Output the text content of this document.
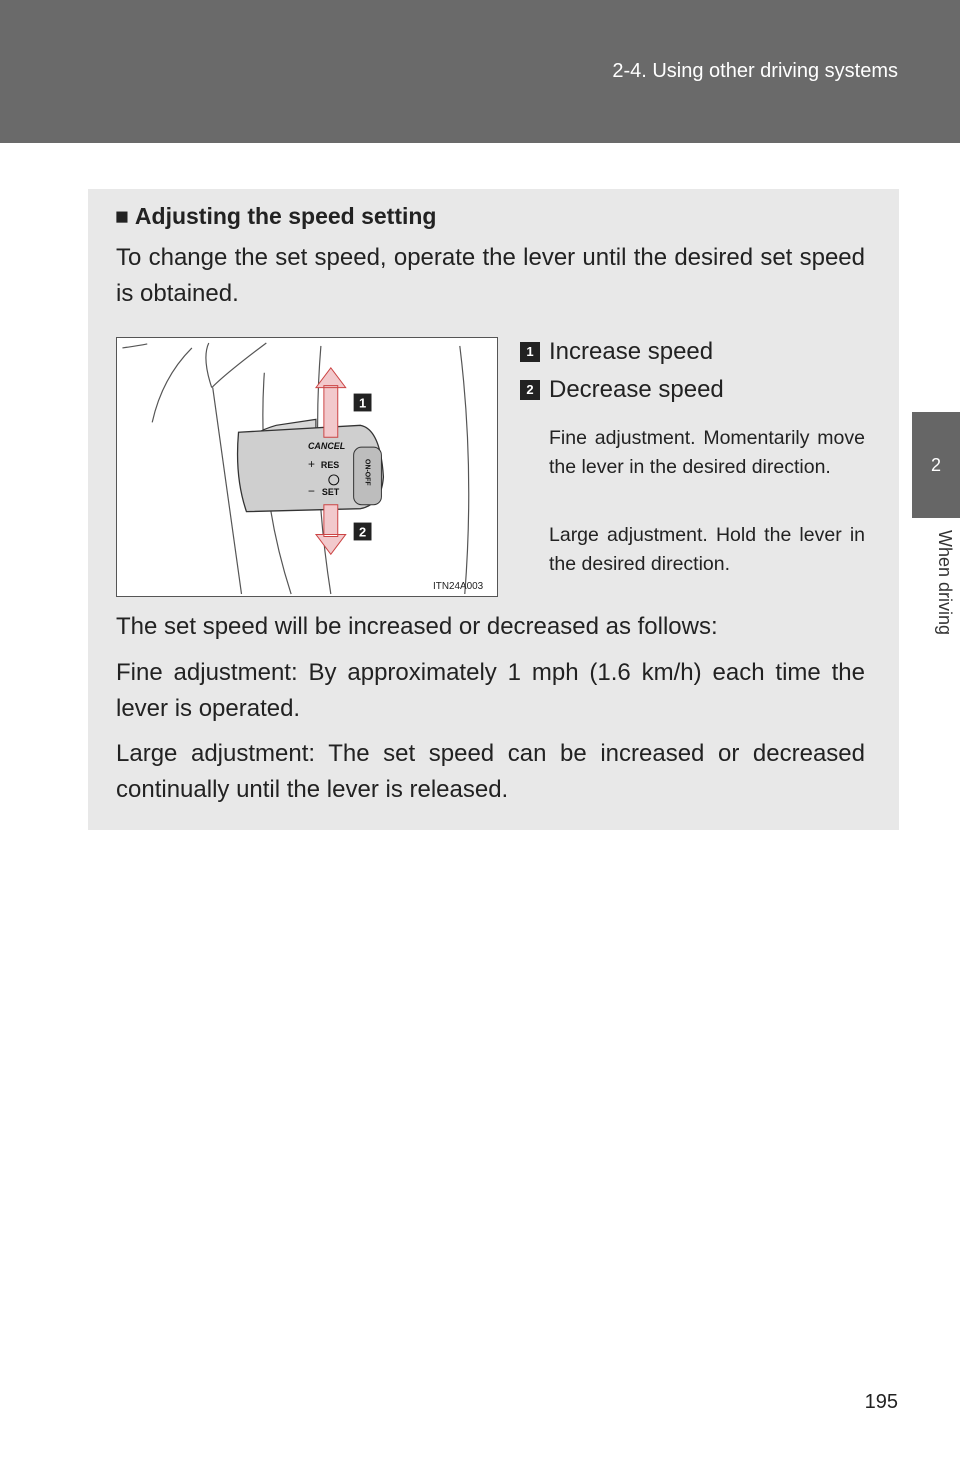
2-4. Using other driving systems
2
When driving
■ Adjusting the speed setting
To change the set speed, operate the lever until the desired set speed is obtained.
CANCEL
+ RES
− SET
ON-OFF
1
2
ITN24A003
1 Increase speed
2 Decrease speed
Fine adjustment. Momentarily move the lever in the desired direction.
Large adjustment. Hold the lever in the desired direction.
The set speed will be increased or decreased as follows:
Fine adjustment: By approximately 1 mph (1.6 km/h) each time the lever is operated.
Large adjustment: The set speed can be increased or decreased continually until the lever is released.
195
